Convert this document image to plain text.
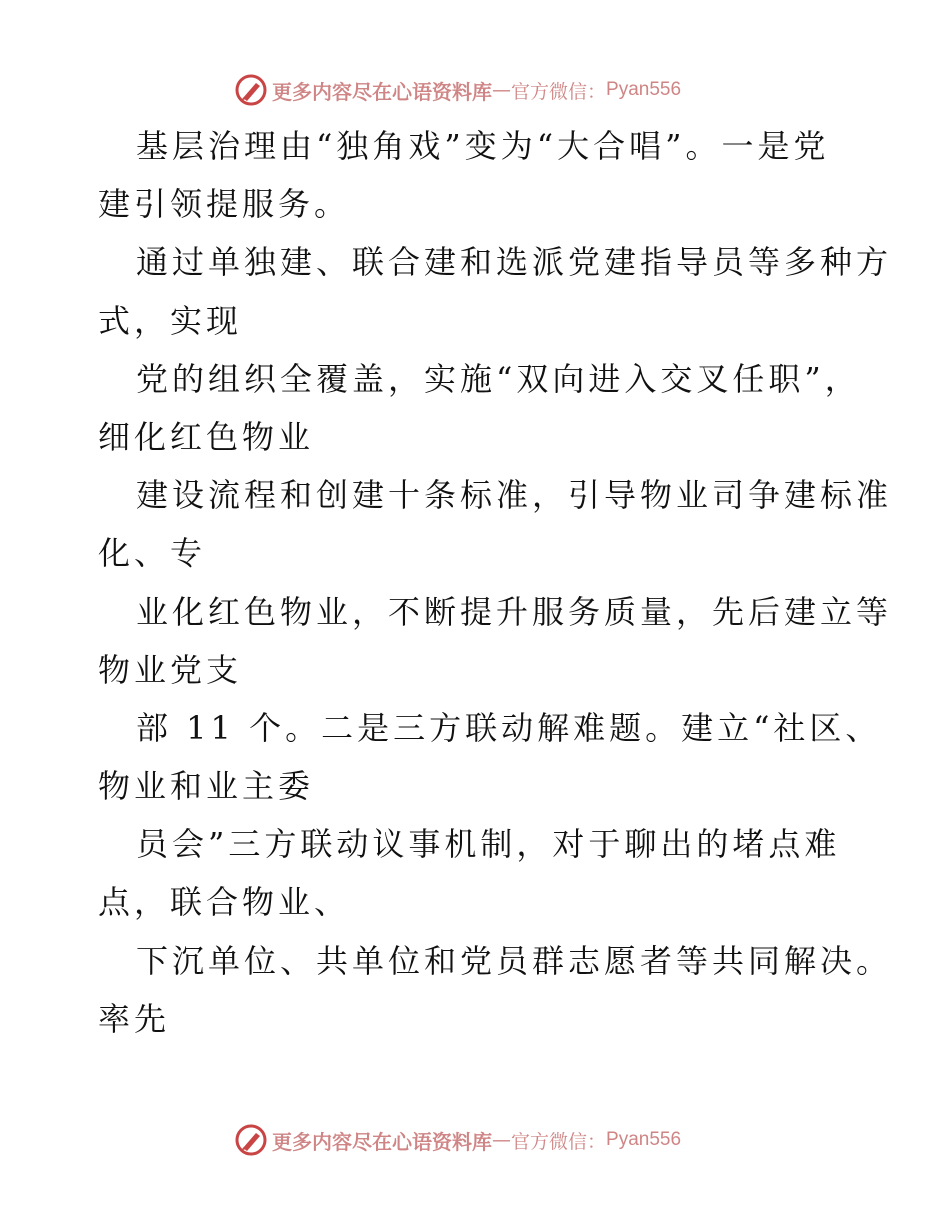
更多内容尽在心语资料库 — 官方微信： Pyan556
基层治理由“独角戏”变为“大合唱”。一是党
建引领提服务。
通过单独建、联合建和选派党建指导员等多种方
式，实现
党的组织全覆盖，实施“双向进入交叉任职”，
细化红色物业
建设流程和创建十条标准，引导物业司争建标准
化、专
业化红色物业，不断提升服务质量，先后建立等
物业党支
部 11 个。二是三方联动解难题。建立“社区、
物业和业主委
员会”三方联动议事机制，对于聊出的堵点难
点，联合物业、
下沉单位、共单位和党员群志愿者等共同解决。
率先
更多内容尽在心语资料库 — 官方微信： Pyan556
